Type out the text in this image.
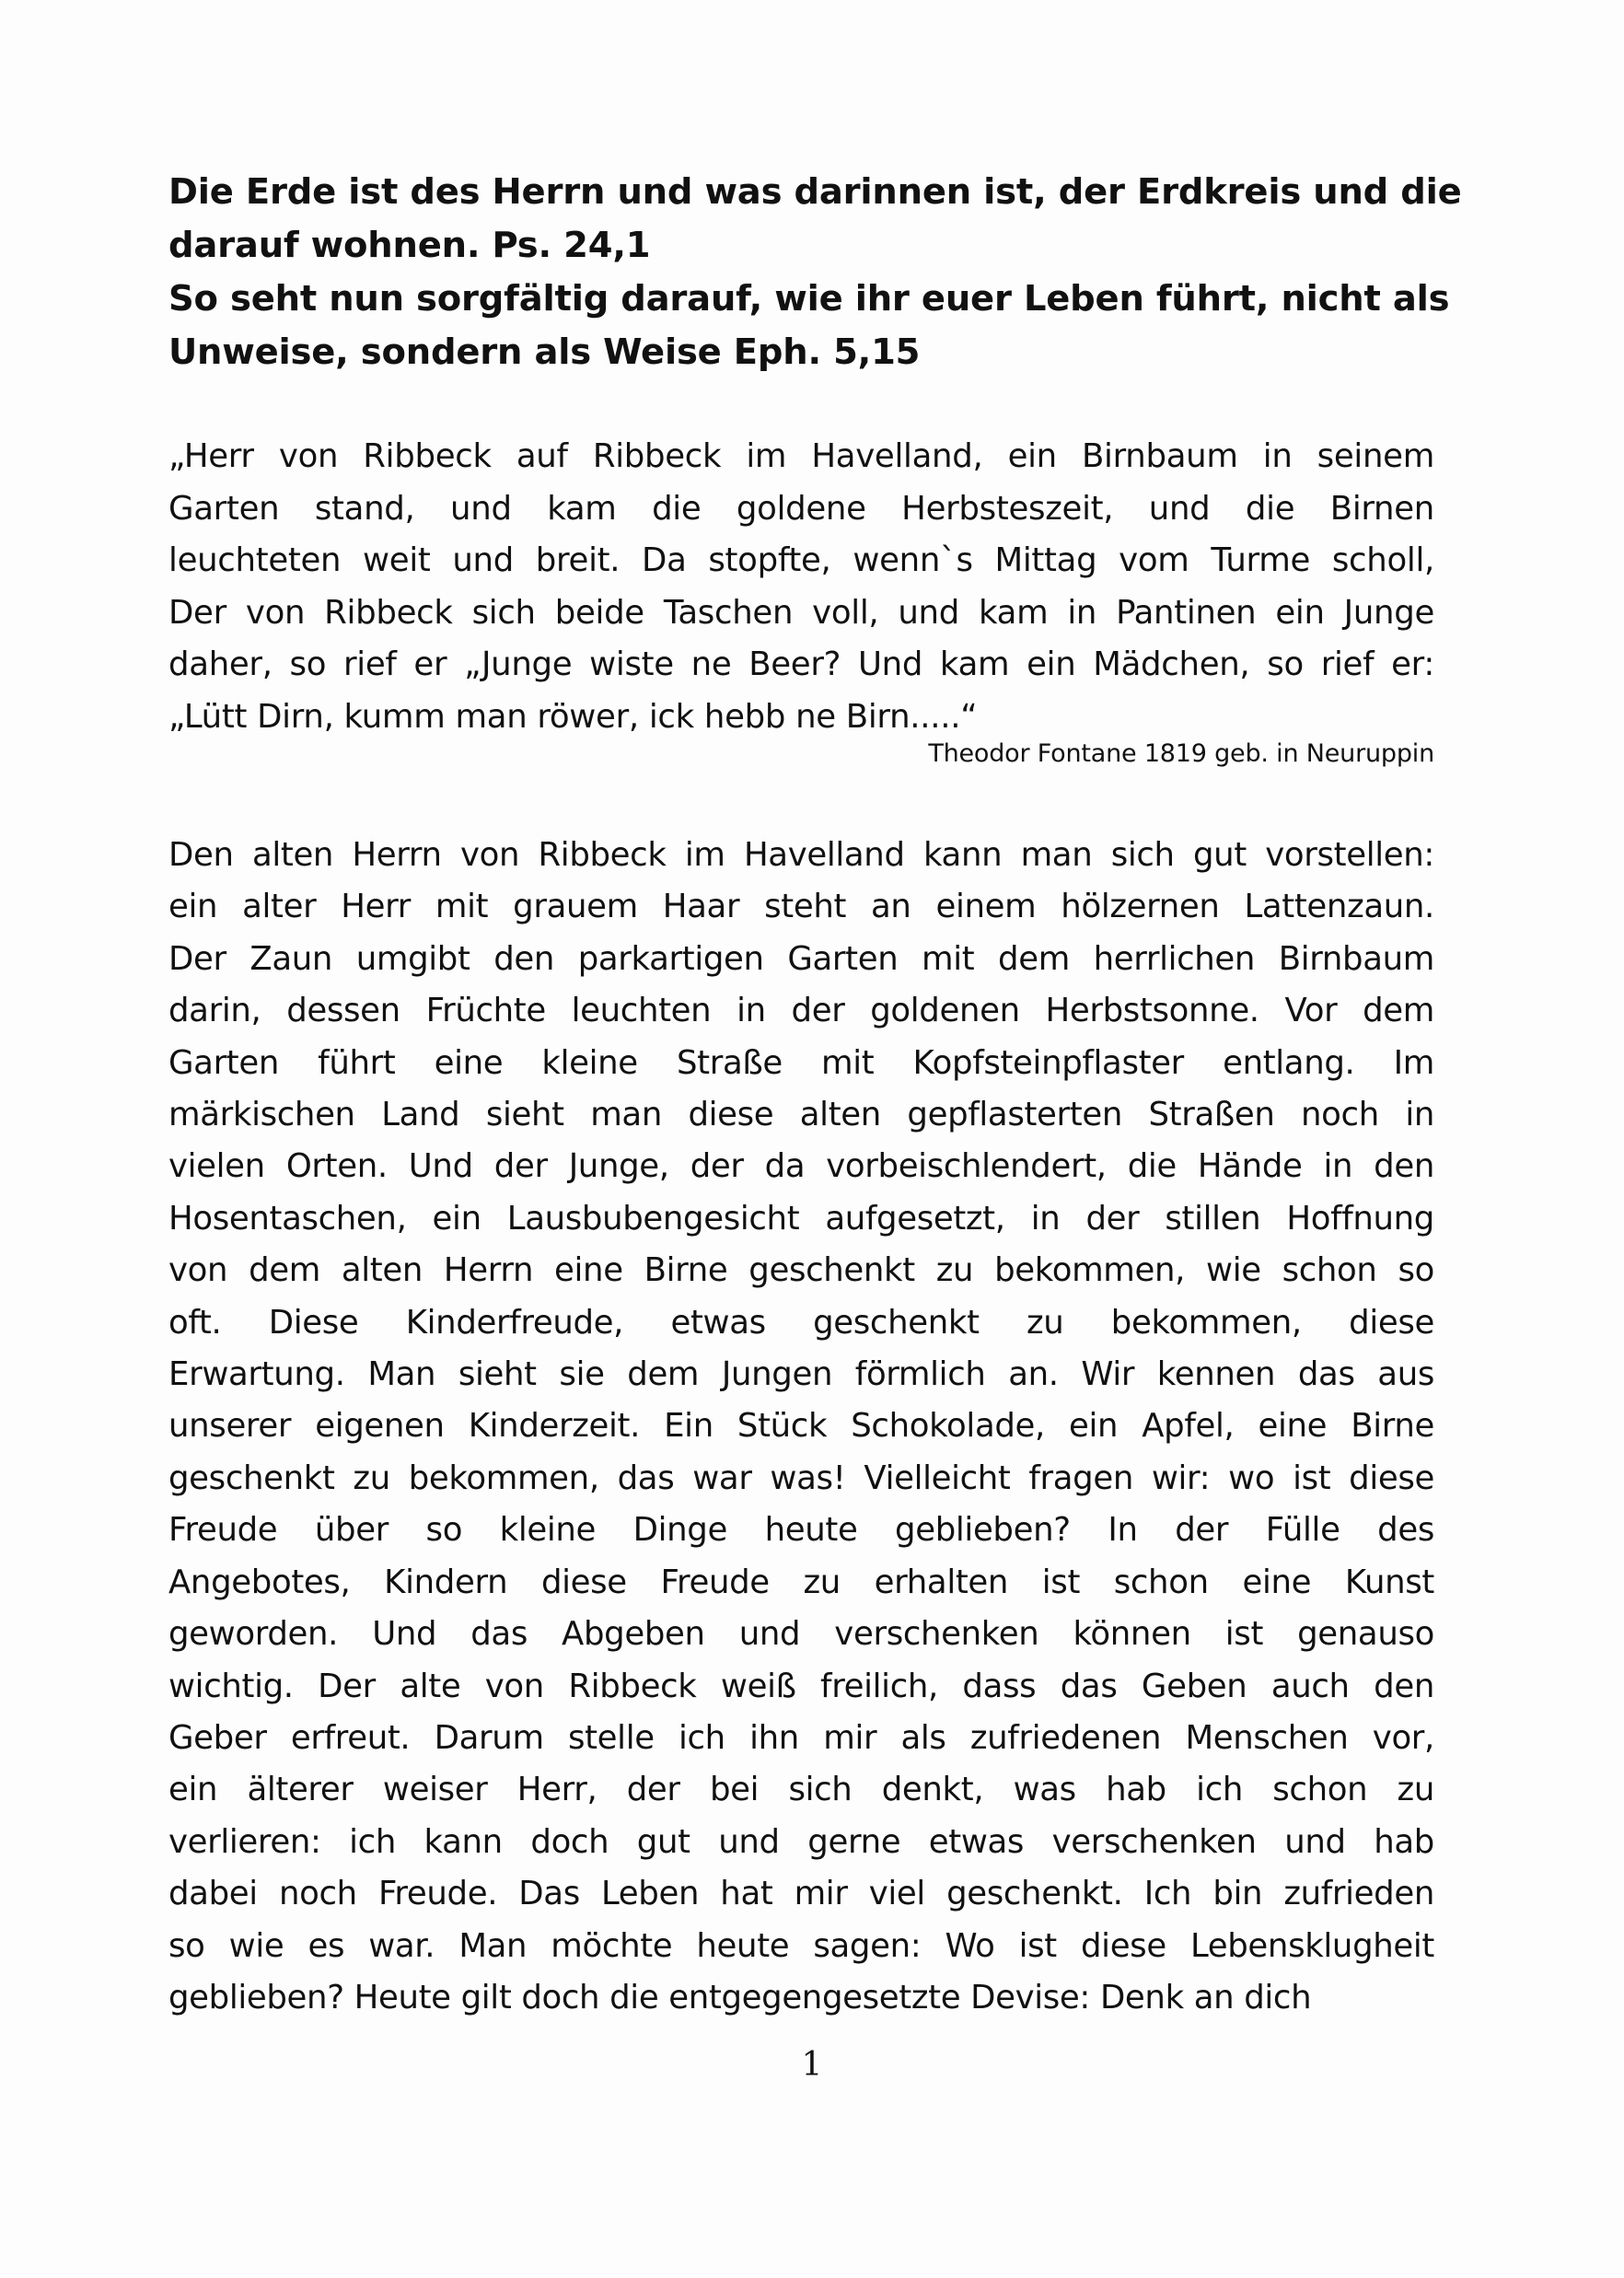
Die Erde ist des Herrn und was darinnen ist, der Erdkreis und die
darauf wohnen. Ps. 24,1
So seht nun sorgfältig darauf, wie ihr euer Leben führt, nicht als
Unweise, sondern als Weise Eph. 5,15
„Herr von Ribbeck auf Ribbeck im Havelland, ein Birnbaum in seinem
Garten stand, und kam die goldene Herbsteszeit, und die Birnen
leuchteten weit und breit. Da stopfte, wenn`s Mittag vom Turme scholl,
Der von Ribbeck sich beide Taschen voll, und kam in Pantinen ein Junge
daher, so rief er „Junge wiste ne Beer? Und kam ein Mädchen, so rief er:
„Lütt Dirn, kumm man röwer, ick hebb ne Birn.....“
Theodor Fontane 1819 geb. in Neuruppin
Den alten Herrn von Ribbeck im Havelland kann man sich gut vorstellen:
ein alter Herr mit grauem Haar steht an einem hölzernen Lattenzaun.
Der Zaun umgibt den parkartigen Garten mit dem herrlichen Birnbaum
darin, dessen Früchte leuchten in der goldenen Herbstsonne. Vor dem
Garten führt eine kleine Straße mit Kopfsteinpflaster entlang. Im
märkischen Land sieht man diese alten gepflasterten Straßen noch in
vielen Orten. Und der Junge, der da vorbeischlendert, die Hände in den
Hosentaschen, ein Lausbubengesicht aufgesetzt, in der stillen Hoffnung
von dem alten Herrn eine Birne geschenkt zu bekommen, wie schon so
oft. Diese Kinderfreude, etwas geschenkt zu bekommen, diese
Erwartung. Man sieht sie dem Jungen förmlich an. Wir kennen das aus
unserer eigenen Kinderzeit. Ein Stück Schokolade, ein Apfel, eine Birne
geschenkt zu bekommen, das war was! Vielleicht fragen wir: wo ist diese
Freude über so kleine Dinge heute geblieben? In der Fülle des
Angebotes, Kindern diese Freude zu erhalten ist schon eine Kunst
geworden. Und das Abgeben und verschenken können ist genauso
wichtig. Der alte von Ribbeck weiß freilich, dass das Geben auch den
Geber erfreut. Darum stelle ich ihn mir als zufriedenen Menschen vor,
ein älterer weiser Herr, der bei sich denkt, was hab ich schon zu
verlieren: ich kann doch gut und gerne etwas verschenken und hab
dabei noch Freude. Das Leben hat mir viel geschenkt. Ich bin zufrieden
so wie es war. Man möchte heute sagen: Wo ist diese Lebensklugheit
geblieben? Heute gilt doch die entgegengesetzte Devise: Denk an dich
1
